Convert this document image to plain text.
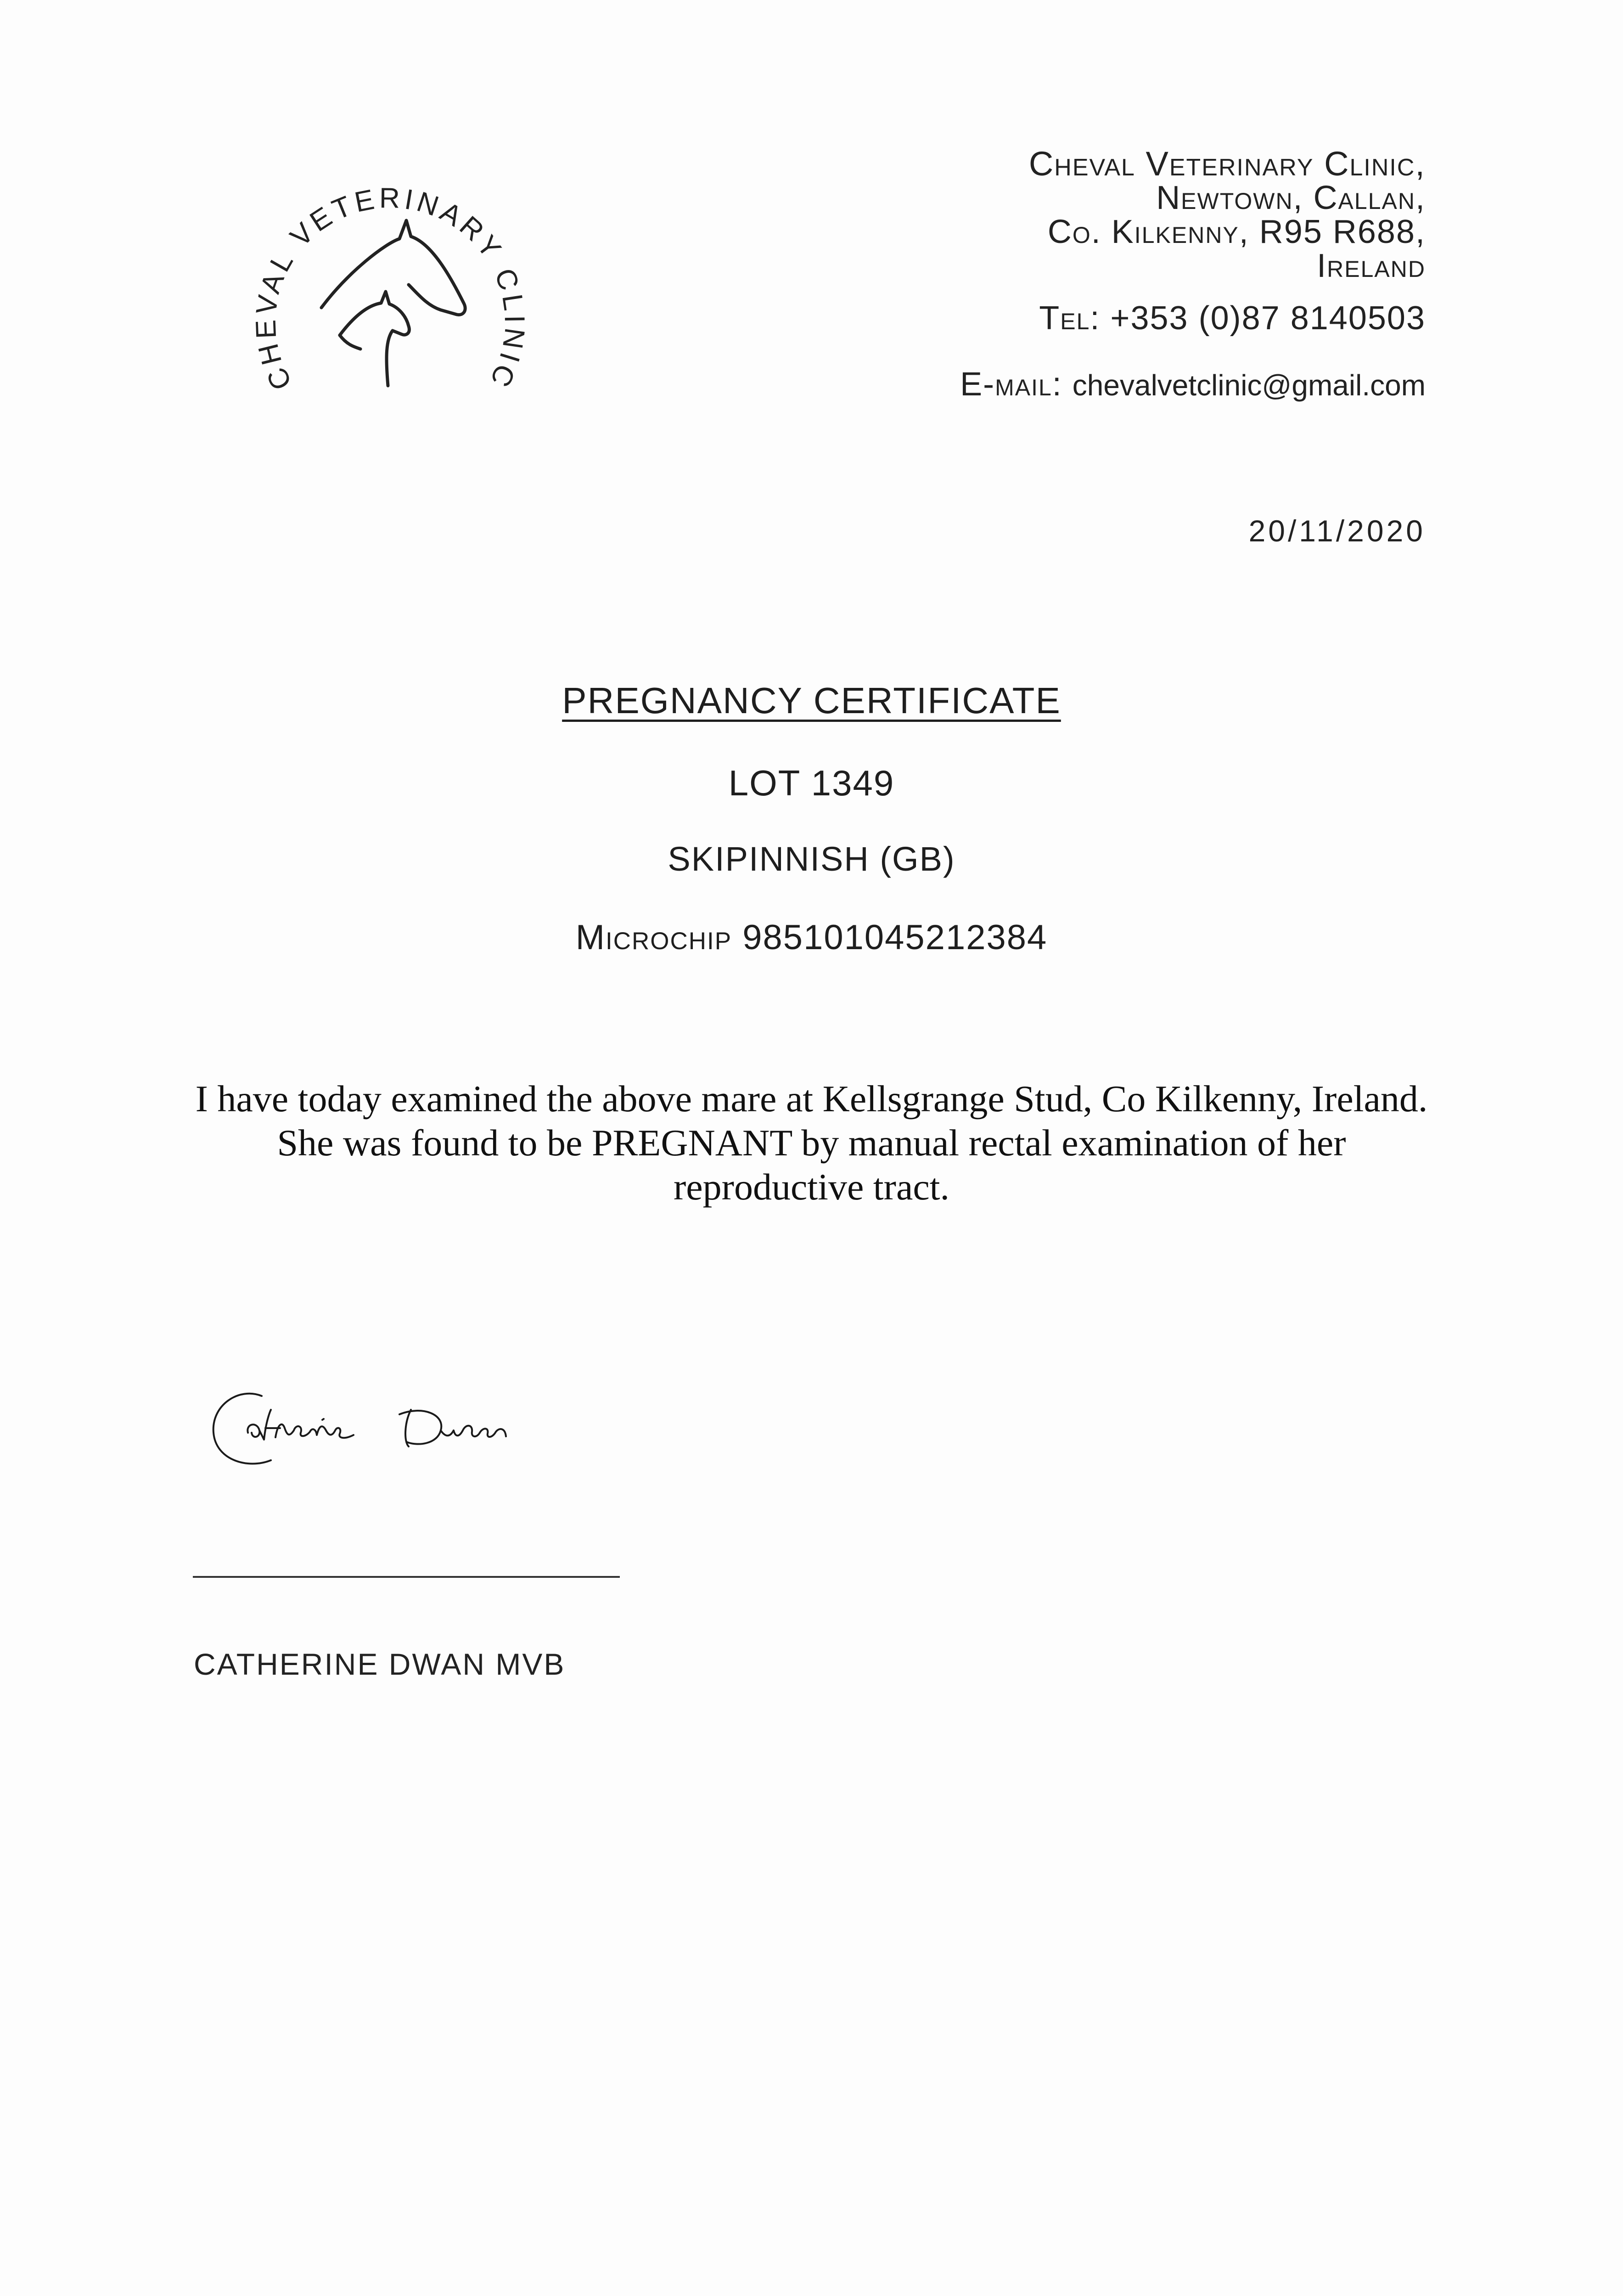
CHEVAL VETERINARY CLINIC
Cheval Veterinary Clinic,
Newtown, Callan,
Co. Kilkenny, R95 R688,
Ireland
Tel: +353 (0)87 8140503
E-mail: chevalvetclinic@gmail.com
20/11/2020
PREGNANCY CERTIFICATE
LOT 1349
SKIPINNISH (GB)
Microchip 985101045212384
I have today examined the above mare at Kellsgrange Stud, Co Kilkenny, Ireland. She was found to be PREGNANT by manual rectal examination of her reproductive tract.
CATHERINE DWAN MVB
